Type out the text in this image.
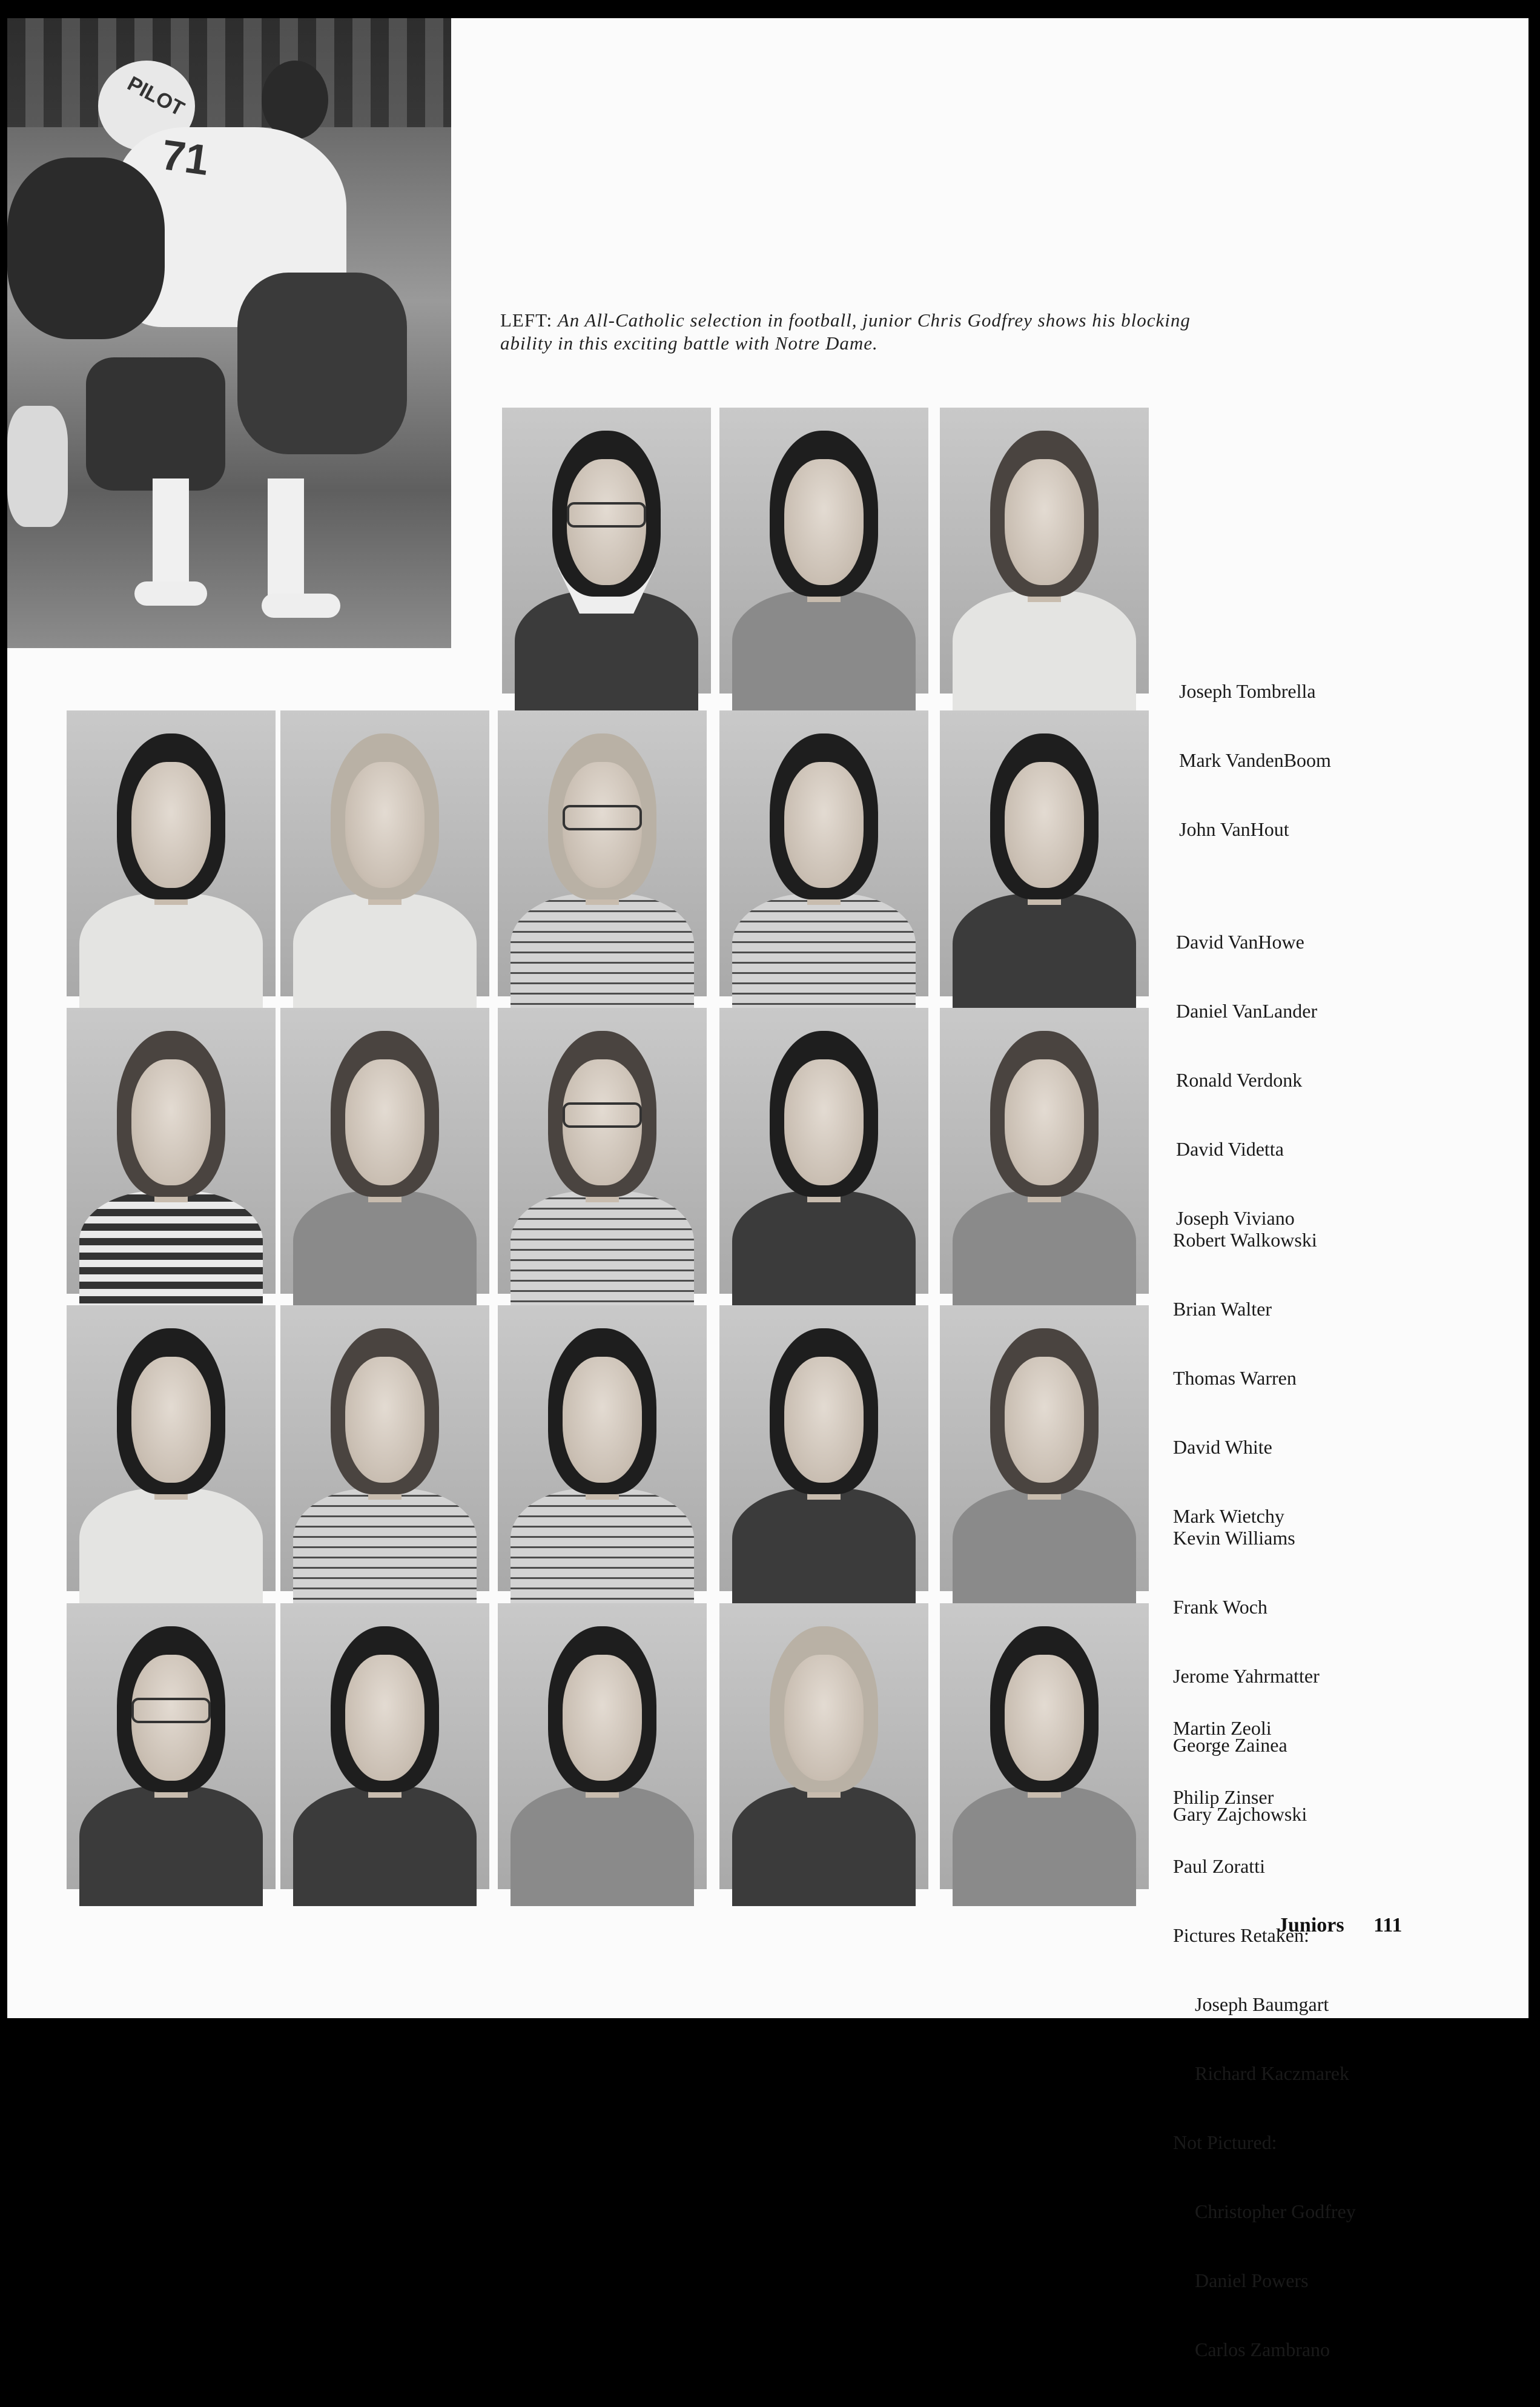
PILOT
71
LEFT: An All-Catholic selection in football, junior Chris Godfrey shows his blocking ability in this exciting battle with Notre Dame.

Joseph Tombrella

Mark VandenBoom

John VanHout

David VanHowe

Daniel VanLander

Ronald Verdonk

David Videtta

Joseph Viviano

Robert Walkowski

Brian Walter

Thomas Warren

David White

Mark Wietchy

Kevin Williams

Frank Woch

Jerome Yahrmatter

George Zainea

Gary Zajchowski

Martin Zeoli

Philip Zinser

Paul Zoratti

Pictures Retaken:

Joseph Baumgart

Richard Kaczmarek

Not Pictured:

Christopher Godfrey

Daniel Powers

Carlos Zambrano

Juniors 111
